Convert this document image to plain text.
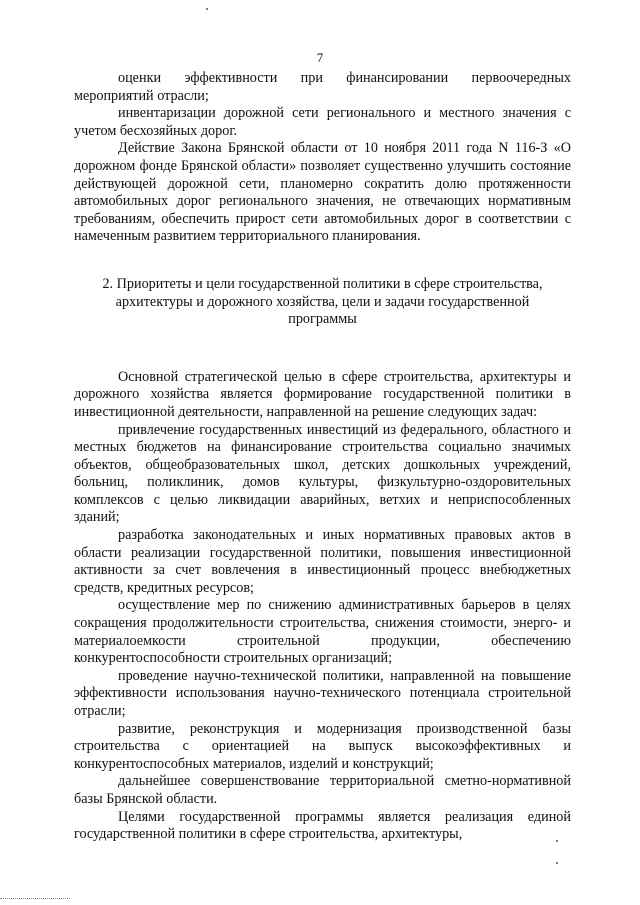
7

оценки эффективности при финансировании первоочередных мероприятий отрасли;

инвентаризации дорожной сети регионального и местного значения с учетом бесхозяйных дорог.

Действие Закона Брянской области от 10 ноября 2011 года N 116-З «О дорожном фонде Брянской области» позволяет существенно улучшить состояние действующей дорожной сети, планомерно сократить долю протяженности автомобильных дорог регионального значения, не отвечающих нормативным требованиям, обеспечить прирост сети автомобильных дорог в соответствии с намеченным развитием территориального планирования.

2. Приоритеты и цели государственной политики в сфере строительства,
архитектуры и дорожного хозяйства, цели и задачи государственной
программы

Основной стратегической целью в сфере строительства, архитектуры и дорожного хозяйства является формирование государственной политики в инвестиционной деятельности, направленной на решение следующих задач:

привлечение государственных инвестиций из федерального, областного и местных бюджетов на финансирование строительства социально значимых объектов, общеобразовательных школ, детских дошкольных учреждений, больниц, поликлиник, домов культуры, физкультурно-оздоровительных комплексов с целью ликвидации аварийных, ветхих и неприспособленных зданий;

разработка законодательных и иных нормативных правовых актов в области реализации государственной политики, повышения инвестиционной активности за счет вовлечения в инвестиционный процесс внебюджетных средств, кредитных ресурсов;

осуществление мер по снижению административных барьеров в целях сокращения продолжительности строительства, снижения стоимости, энерго- и материалоемкости строительной продукции, обеспечению конкурентоспособности строительных организаций;

проведение научно-технической политики, направленной на повышение эффективности использования научно-технического потенциала строительной отрасли;

развитие, реконструкция и модернизация производственной базы строительства с ориентацией на выпуск высокоэффективных и конкурентоспособных материалов, изделий и конструкций;

дальнейшее совершенствование территориальной сметно-нормативной базы Брянской области.

Целями государственной программы является реализация единой государственной политики в сфере строительства, архитектуры,
